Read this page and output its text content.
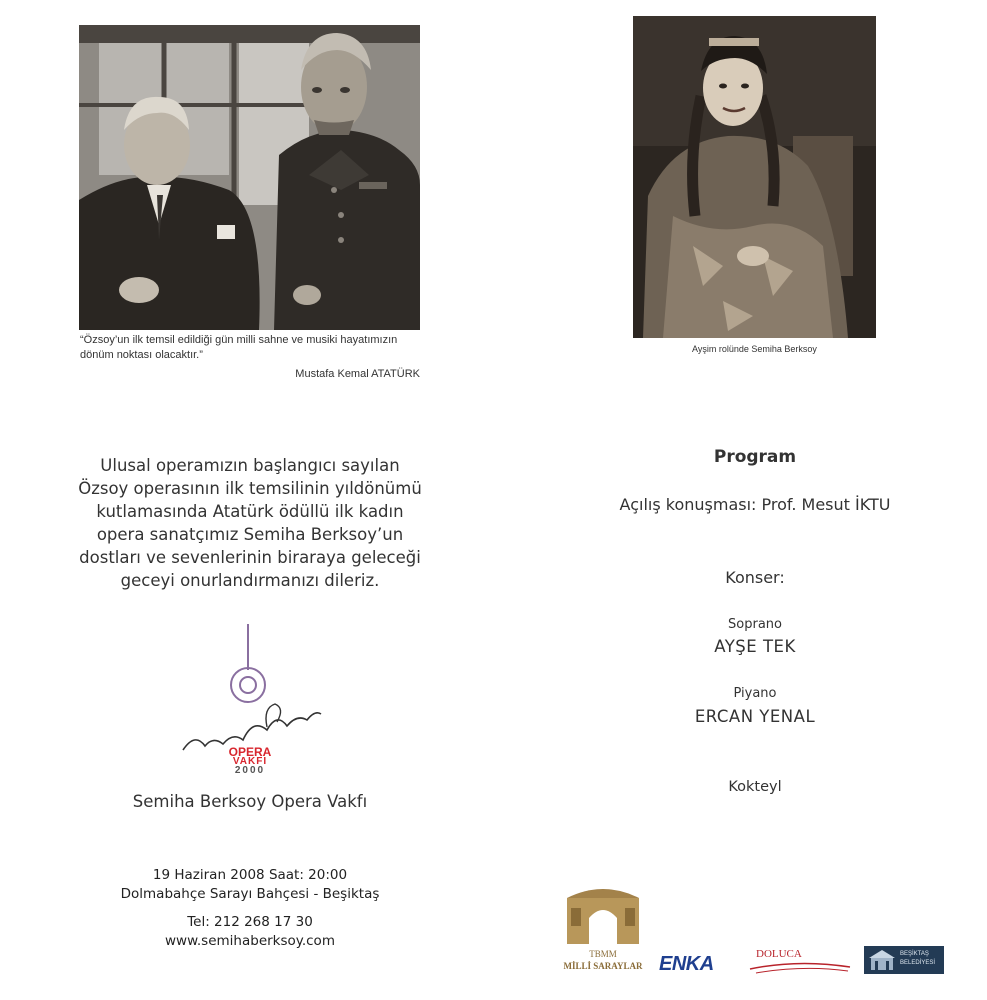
“Özsoy’un ilk temsil edildiği gün milli sahne ve musiki hayatımızın dönüm noktası olacaktır.”
Mustafa Kemal ATATÜRK
Ayşim rolünde Semiha Berksoy

Ulusal operamızın başlangıcı sayılan

Özsoy operasının ilk temsilinin yıldönümü

kutlamasında Atatürk ödüllü ilk kadın

opera sanatçımız Semiha Berksoy’un

dostları ve sevenlerinin biraraya geleceği

geceyi onurlandırmanızı dileriz.

OPERA
VAKFI
2000
Semiha Berksoy Opera Vakfı
19 Haziran 2008 Saat: 20:00
Dolmabahçe Sarayı Bahçesi - Beşiktaş
Tel: 212 268 17 30
www.semihaberksoy.com
Program
Açılış konuşması: Prof. Mesut İKTU
Konser:
Soprano
AYŞE TEK
Piyano
ERCAN YENAL
Kokteyl
TBMM
MİLLİ SARAYLAR ENKA	DOLUCA	BEŞİKTAŞ
BELEDİYESİ
